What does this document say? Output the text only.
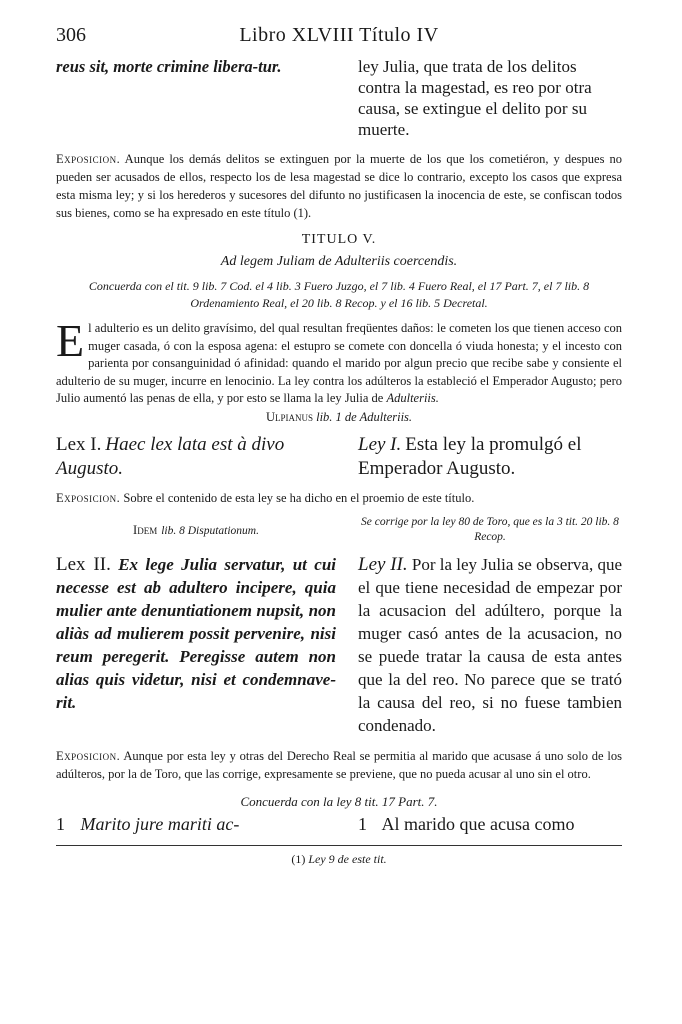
306	Libro XLVIII Título IV
reus sit, morte crimine libera-tur.	ley Julia, que trata de los delitos contra la magestad, es reo por otra causa, se extingue el delito por su muerte.
Exposicion. Aunque los demás delitos se extinguen por la muerte de los que los cometiéron, y despues no pueden ser acusados de ellos, respecto los de lesa magestad se dice lo contrario, excepto los casos que expresa esta misma ley; y si los herederos y sucesores del difunto no justificasen la inocencia de este, se confiscan todos sus bienes, como se ha expresado en este título (1).
TITULO V.
Ad legem Juliam de Adulteriis coercendis.
Concuerda con el tit. 9 lib. 7 Cod. el 4 lib. 3 Fuero Juzgo, el 7 lib. 4 Fuero Real, el 17 Part. 7, el 7 lib. 8 Ordenamiento Real, el 20 lib. 8 Recop. y el 16 lib. 5 Decretal.
El adulterio es un delito gravísimo, del qual resultan freqüentes daños: le cometen los que tienen acceso con muger casada, ó con la esposa agena: el estupro se comete con doncella ó viuda honesta; y el incesto con parienta por consanguinidad ó afinidad: quando el marido por algun precio que recibe sabe y consiente el adulterio de su muger, incurre en lenocinio. La ley contra los adúlteros la estableció el Emperador Augusto; pero Julio aumentó las penas de ella, y por esto se llama la ley Julia de Adulteriis.
Ulpianus lib. 1 de Adulteriis.
Lex I. Haec lex lata est à divo Augusto.
Ley I. Esta ley la promulgó el Emperador Augusto.
Exposicion. Sobre el contenido de esta ley se ha dicho en el proemio de este título.
Idem lib. 8 Disputationum.
Se corrige por la ley 80 de Toro, que es la 3 tit. 20 lib. 8 Recop.
Lex II. Ex lege Julia servatur, ut cui necesse est ab adultero incipere, quia mulier ante denuntiationem nupsit, non aliàs ad mulierem possit pervenire, nisi reum peregerit. Peregisse autem non alias quis videtur, nisi et condemnave-rit.
Ley II. Por la ley Julia se observa, que el que tiene necesidad de empezar por la acusacion del adúltero, porque la muger casó antes de la acusacion, no se puede tratar la causa de esta antes que la del reo. No parece que se trató la causa del reo, si no fuese tambien condenado.
Exposicion. Aunque por esta ley y otras del Derecho Real se permitia al marido que acusase á uno solo de los adúlteros, por la de Toro, que las corrige, expresamente se previene, que no pueda acusar al uno sin el otro.
Concuerda con la ley 8 tit. 17 Part. 7.
1 Marito jure mariti ac-	1 Al marido que acusa como
(1) Ley 9 de este tit.
